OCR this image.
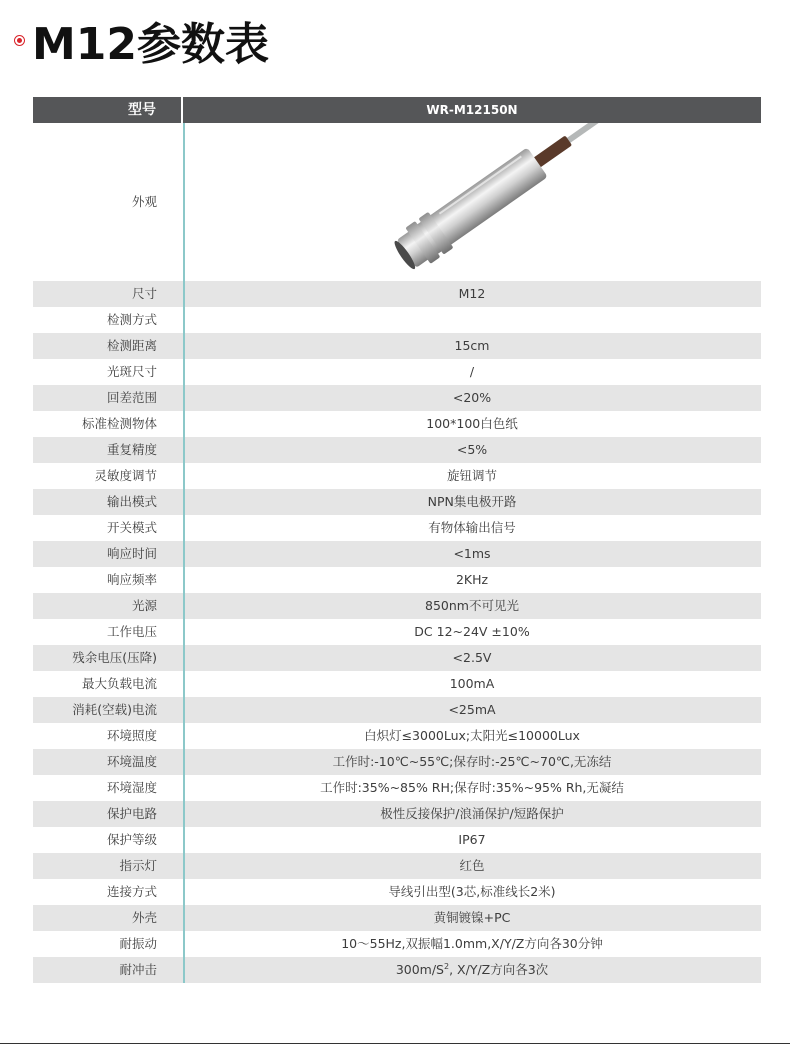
M12参数表
型号	WR-M12150N
外观
尺寸	M12
检测方式
检测距离	15cm
光斑尺寸	/
回差范围	<20%
标准检测物体	100*100白色纸
重复精度	<5%
灵敏度调节	旋钮调节
输出模式	NPN集电极开路
开关模式	有物体输出信号
响应时间	<1ms
响应频率	2KHz
光源	850nm不可见光
工作电压	DC 12~24V ±10%
残余电压(压降)	<2.5V
最大负载电流	100mA
消耗(空载)电流	<25mA
环境照度	白炽灯≤3000Lux;太阳光≤10000Lux
环境温度	工作时:-10℃~55℃;保存时:-25℃~70℃,无冻结
环境湿度	工作时:35%~85% RH;保存时:35%~95% Rh,无凝结
保护电路	极性反接保护/浪涌保护/短路保护
保护等级	IP67
指示灯	红色
连接方式	导线引出型(3芯,标准线长2米)
外壳	黄铜镀镍+PC
耐振动	10～55Hz,双振幅1.0mm,X/Y/Z方向各30分钟
耐冲击	$300m/S^2$, X/Y/Z方向各3次
